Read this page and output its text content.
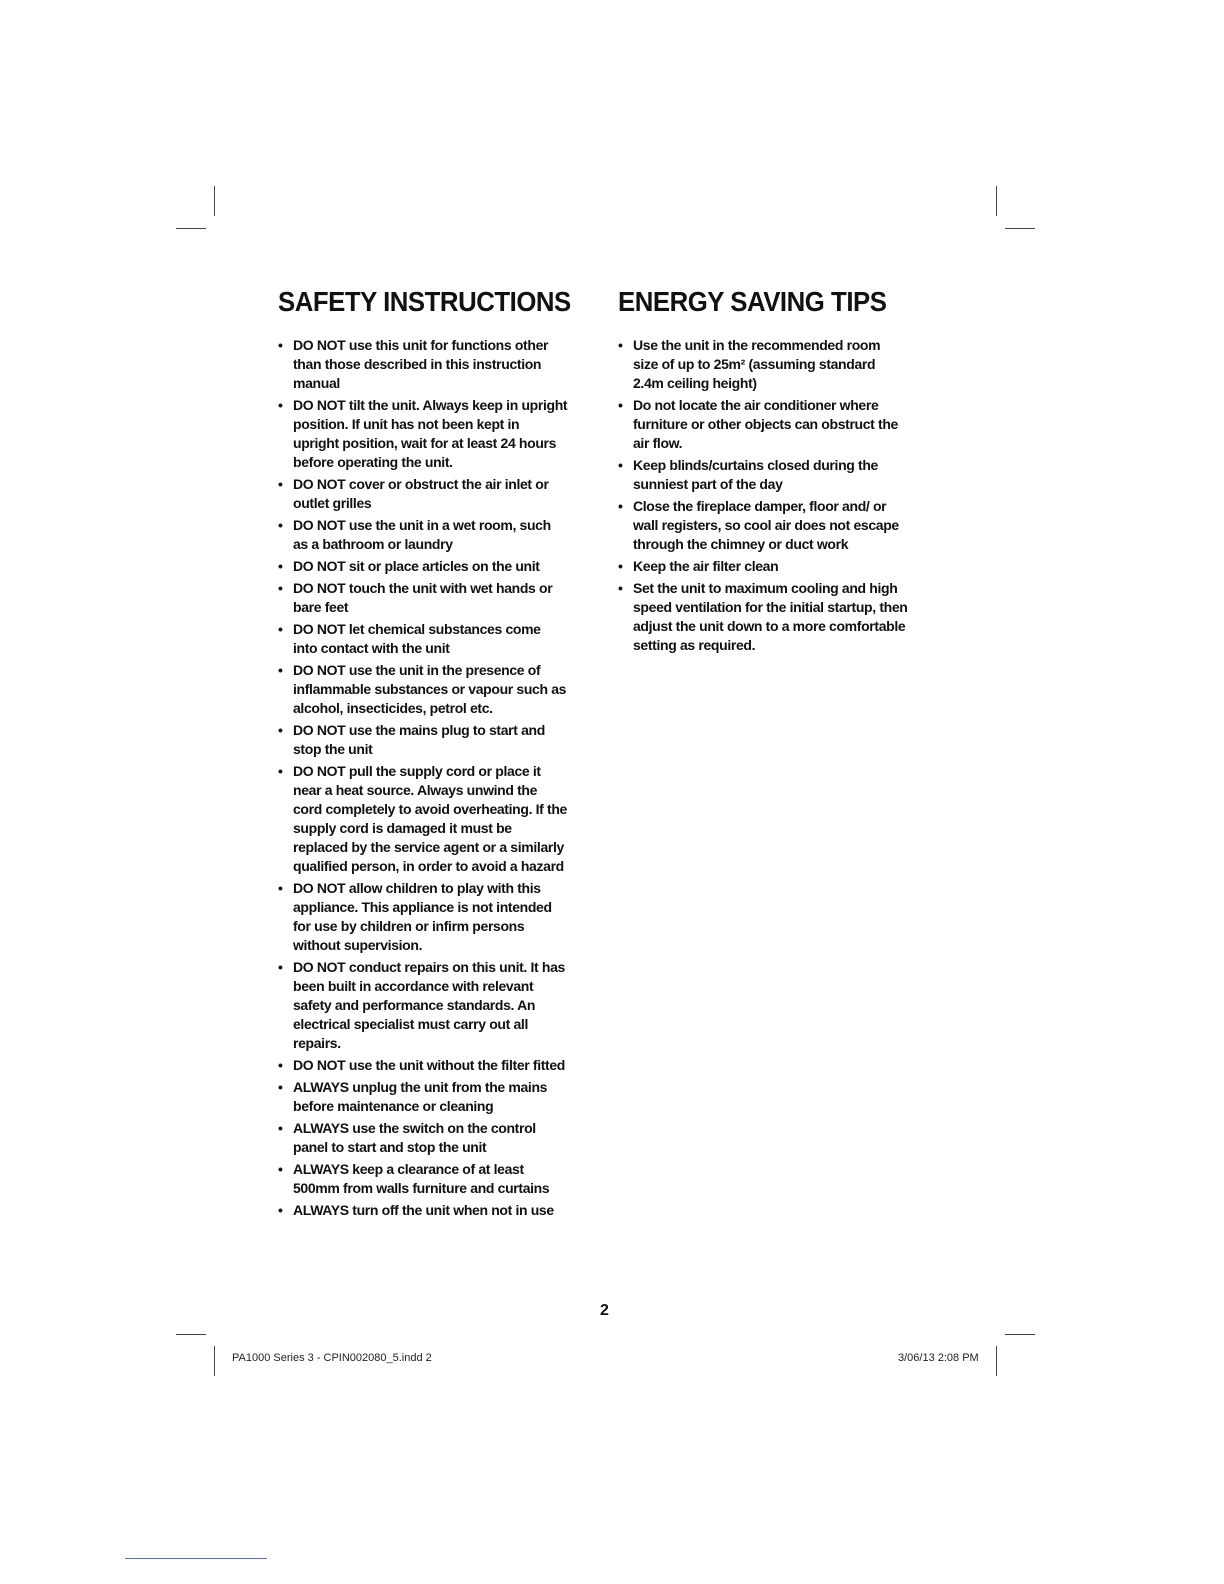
SAFETY INSTRUCTIONS
• DO NOT use this unit for functions other than those described in this instruction manual
• DO NOT tilt the unit. Always keep in upright position. If unit has not been kept in upright position, wait for at least 24 hours before operating the unit.
• DO NOT cover or obstruct the air inlet or outlet grilles
• DO NOT use the unit in a wet room, such as a bathroom or laundry
• DO NOT sit or place articles on the unit
• DO NOT touch the unit with wet hands or bare feet
• DO NOT let chemical substances come into contact with the unit
• DO NOT use the unit in the presence of inflammable substances or vapour such as alcohol, insecticides, petrol etc.
• DO NOT use the mains plug to start and stop the unit
• DO NOT pull the supply cord or place it near a heat source. Always unwind the cord completely to avoid overheating. If the supply cord is damaged it must be replaced by the service agent or a similarly qualified person, in order to avoid a hazard
• DO NOT allow children to play with this appliance. This appliance is not intended for use by children or infirm persons without supervision.
• DO NOT conduct repairs on this unit. It has been built in accordance with relevant safety and performance standards. An electrical specialist must carry out all repairs.
• DO NOT use the unit without the filter fitted
• ALWAYS unplug the unit from the mains before maintenance or cleaning
• ALWAYS use the switch on the control panel to start and stop the unit
• ALWAYS keep a clearance of at least 500mm from walls furniture and curtains
• ALWAYS turn off the unit when not in use
ENERGY SAVING TIPS
• Use the unit in the recommended room size of up to 25m² (assuming standard 2.4m ceiling height)
• Do not locate the air conditioner where furniture or other objects can obstruct the air flow.
• Keep blinds/curtains closed during the sunniest part of the day
• Close the fireplace damper, floor and/ or wall registers, so cool air does not escape through the chimney or duct work
• Keep the air filter clean
• Set the unit to maximum cooling and high speed ventilation for the initial startup, then adjust the unit down to a more comfortable setting as required.
2
PA1000 Series 3 - CPIN002080_5.indd 2	3/06/13 2:08 PM
